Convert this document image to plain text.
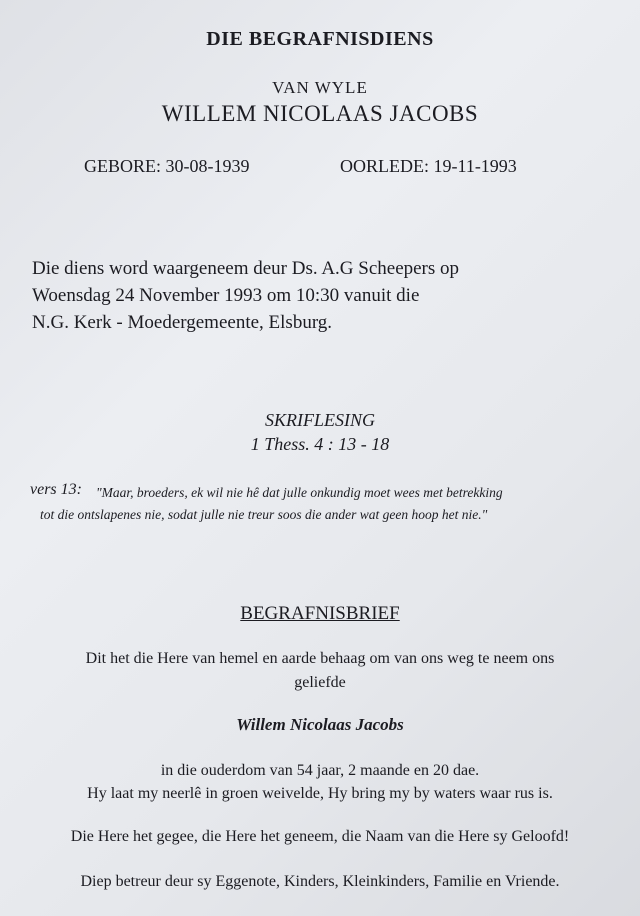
DIE BEGRAFNISDIENS
VAN WYLE
WILLEM NICOLAAS JACOBS
GEBORE: 30-08-1939	OORLEDE: 19-11-1993
Die diens word waargeneem deur Ds. A.G Scheepers op
Woensdag 24 November 1993 om 10:30 vanuit die
N.G. Kerk - Moedergemeente, Elsburg.
SKRIFLESING
1 Thess. 4 : 13 - 18
vers 13: "Maar, broeders, ek wil nie hê dat julle onkundig moet wees met betrekking
tot die ontslapenes nie, sodat julle nie treur soos die ander wat geen hoop het nie."
BEGRAFNISBRIEF
Dit het die Here van hemel en aarde behaag om van ons weg te neem ons
geliefde
Willem Nicolaas Jacobs
in die ouderdom van 54 jaar, 2 maande en 20 dae.
Hy laat my neerlê in groen weivelde, Hy bring my by waters waar rus is.
Die Here het gegee, die Here het geneem, die Naam van die Here sy Geloofd!
Diep betreur deur sy Eggenote, Kinders, Kleinkinders, Familie en Vriende.
